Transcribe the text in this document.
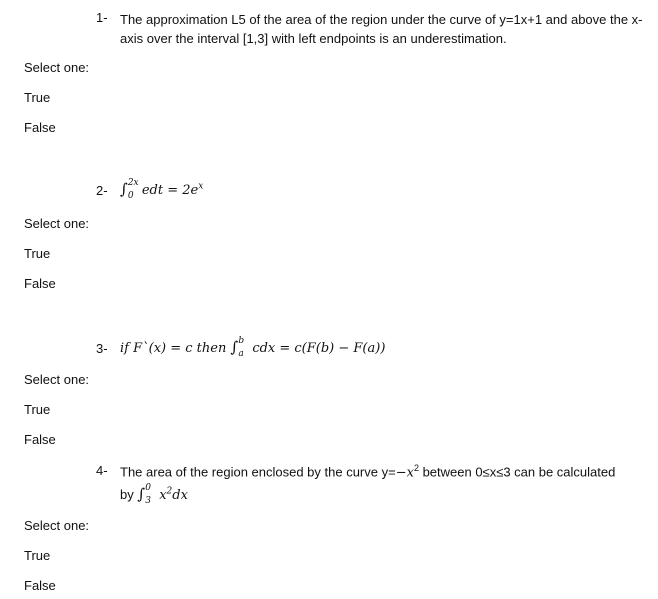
1- The approximation L5 of the area of the region under the curve of y=1x+1 and above the x-axis over the interval [1,3] with left endpoints is an underestimation.
Select one:
True
False
2- ∫ 2x
0 edt = $2e^x$
Select one:
True
False
3- if F`(x) = c then ∫ b
a cdx = c(F(b) − F(a))
Select one:
True
False
4- The area of the region enclosed by the curve $y=-x^2$ between 0≤x≤3 can be calculated
by ∫ 0
3 $x^2dx$
Select one:
True
False
